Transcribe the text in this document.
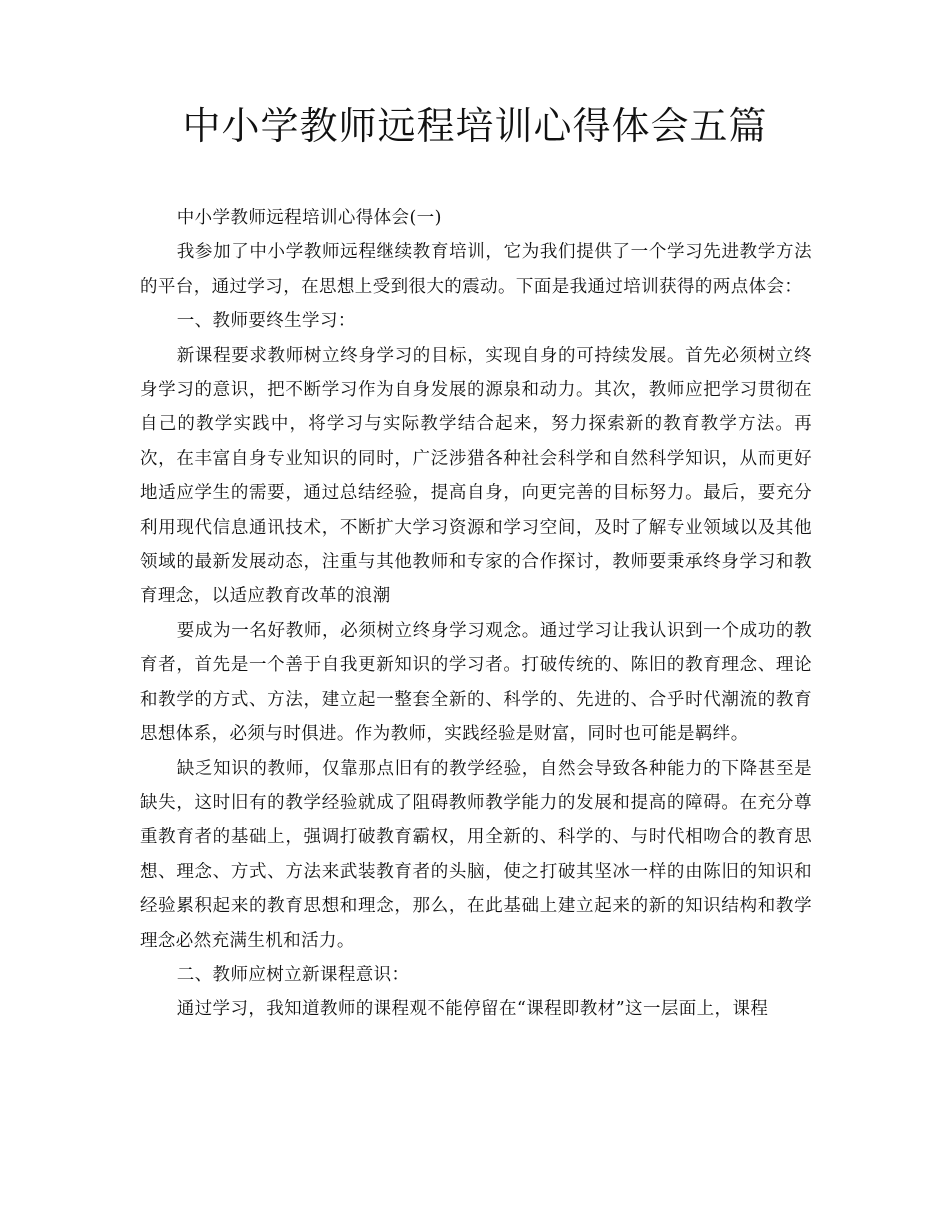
中小学教师远程培训心得体会五篇

中小学教师远程培训心得体会(一)

我参加了中小学教师远程继续教育培训，它为我们提供了一个学习先进教学方法的平台，通过学习，在思想上受到很大的震动。下面是我通过培训获得的两点体会：

一、教师要终生学习：

新课程要求教师树立终身学习的目标，实现自身的可持续发展。首先必须树立终身学习的意识，把不断学习作为自身发展的源泉和动力。其次，教师应把学习贯彻在自己的教学实践中，将学习与实际教学结合起来，努力探索新的教育教学方法。再次，在丰富自身专业知识的同时，广泛涉猎各种社会科学和自然科学知识，从而更好地适应学生的需要，通过总结经验，提高自身，向更完善的目标努力。最后，要充分利用现代信息通讯技术，不断扩大学习资源和学习空间，及时了解专业领域以及其他领域的最新发展动态，注重与其他教师和专家的合作探讨，教师要秉承终身学习和教育理念，以适应教育改革的浪潮

要成为一名好教师，必须树立终身学习观念。通过学习让我认识到一个成功的教育者，首先是一个善于自我更新知识的学习者。打破传统的、陈旧的教育理念、理论和教学的方式、方法，建立起一整套全新的、科学的、先进的、合乎时代潮流的教育思想体系，必须与时俱进。作为教师，实践经验是财富，同时也可能是羁绊。

缺乏知识的教师，仅靠那点旧有的教学经验，自然会导致各种能力的下降甚至是缺失，这时旧有的教学经验就成了阻碍教师教学能力的发展和提高的障碍。在充分尊重教育者的基础上，强调打破教育霸权，用全新的、科学的、与时代相吻合的教育思想、理念、方式、方法来武装教育者的头脑，使之打破其坚冰一样的由陈旧的知识和经验累积起来的教育思想和理念，那么，在此基础上建立起来的新的知识结构和教学理念必然充满生机和活力。

二、教师应树立新课程意识：

通过学习，我知道教师的课程观不能停留在“课程即教材”这一层面上，课程
